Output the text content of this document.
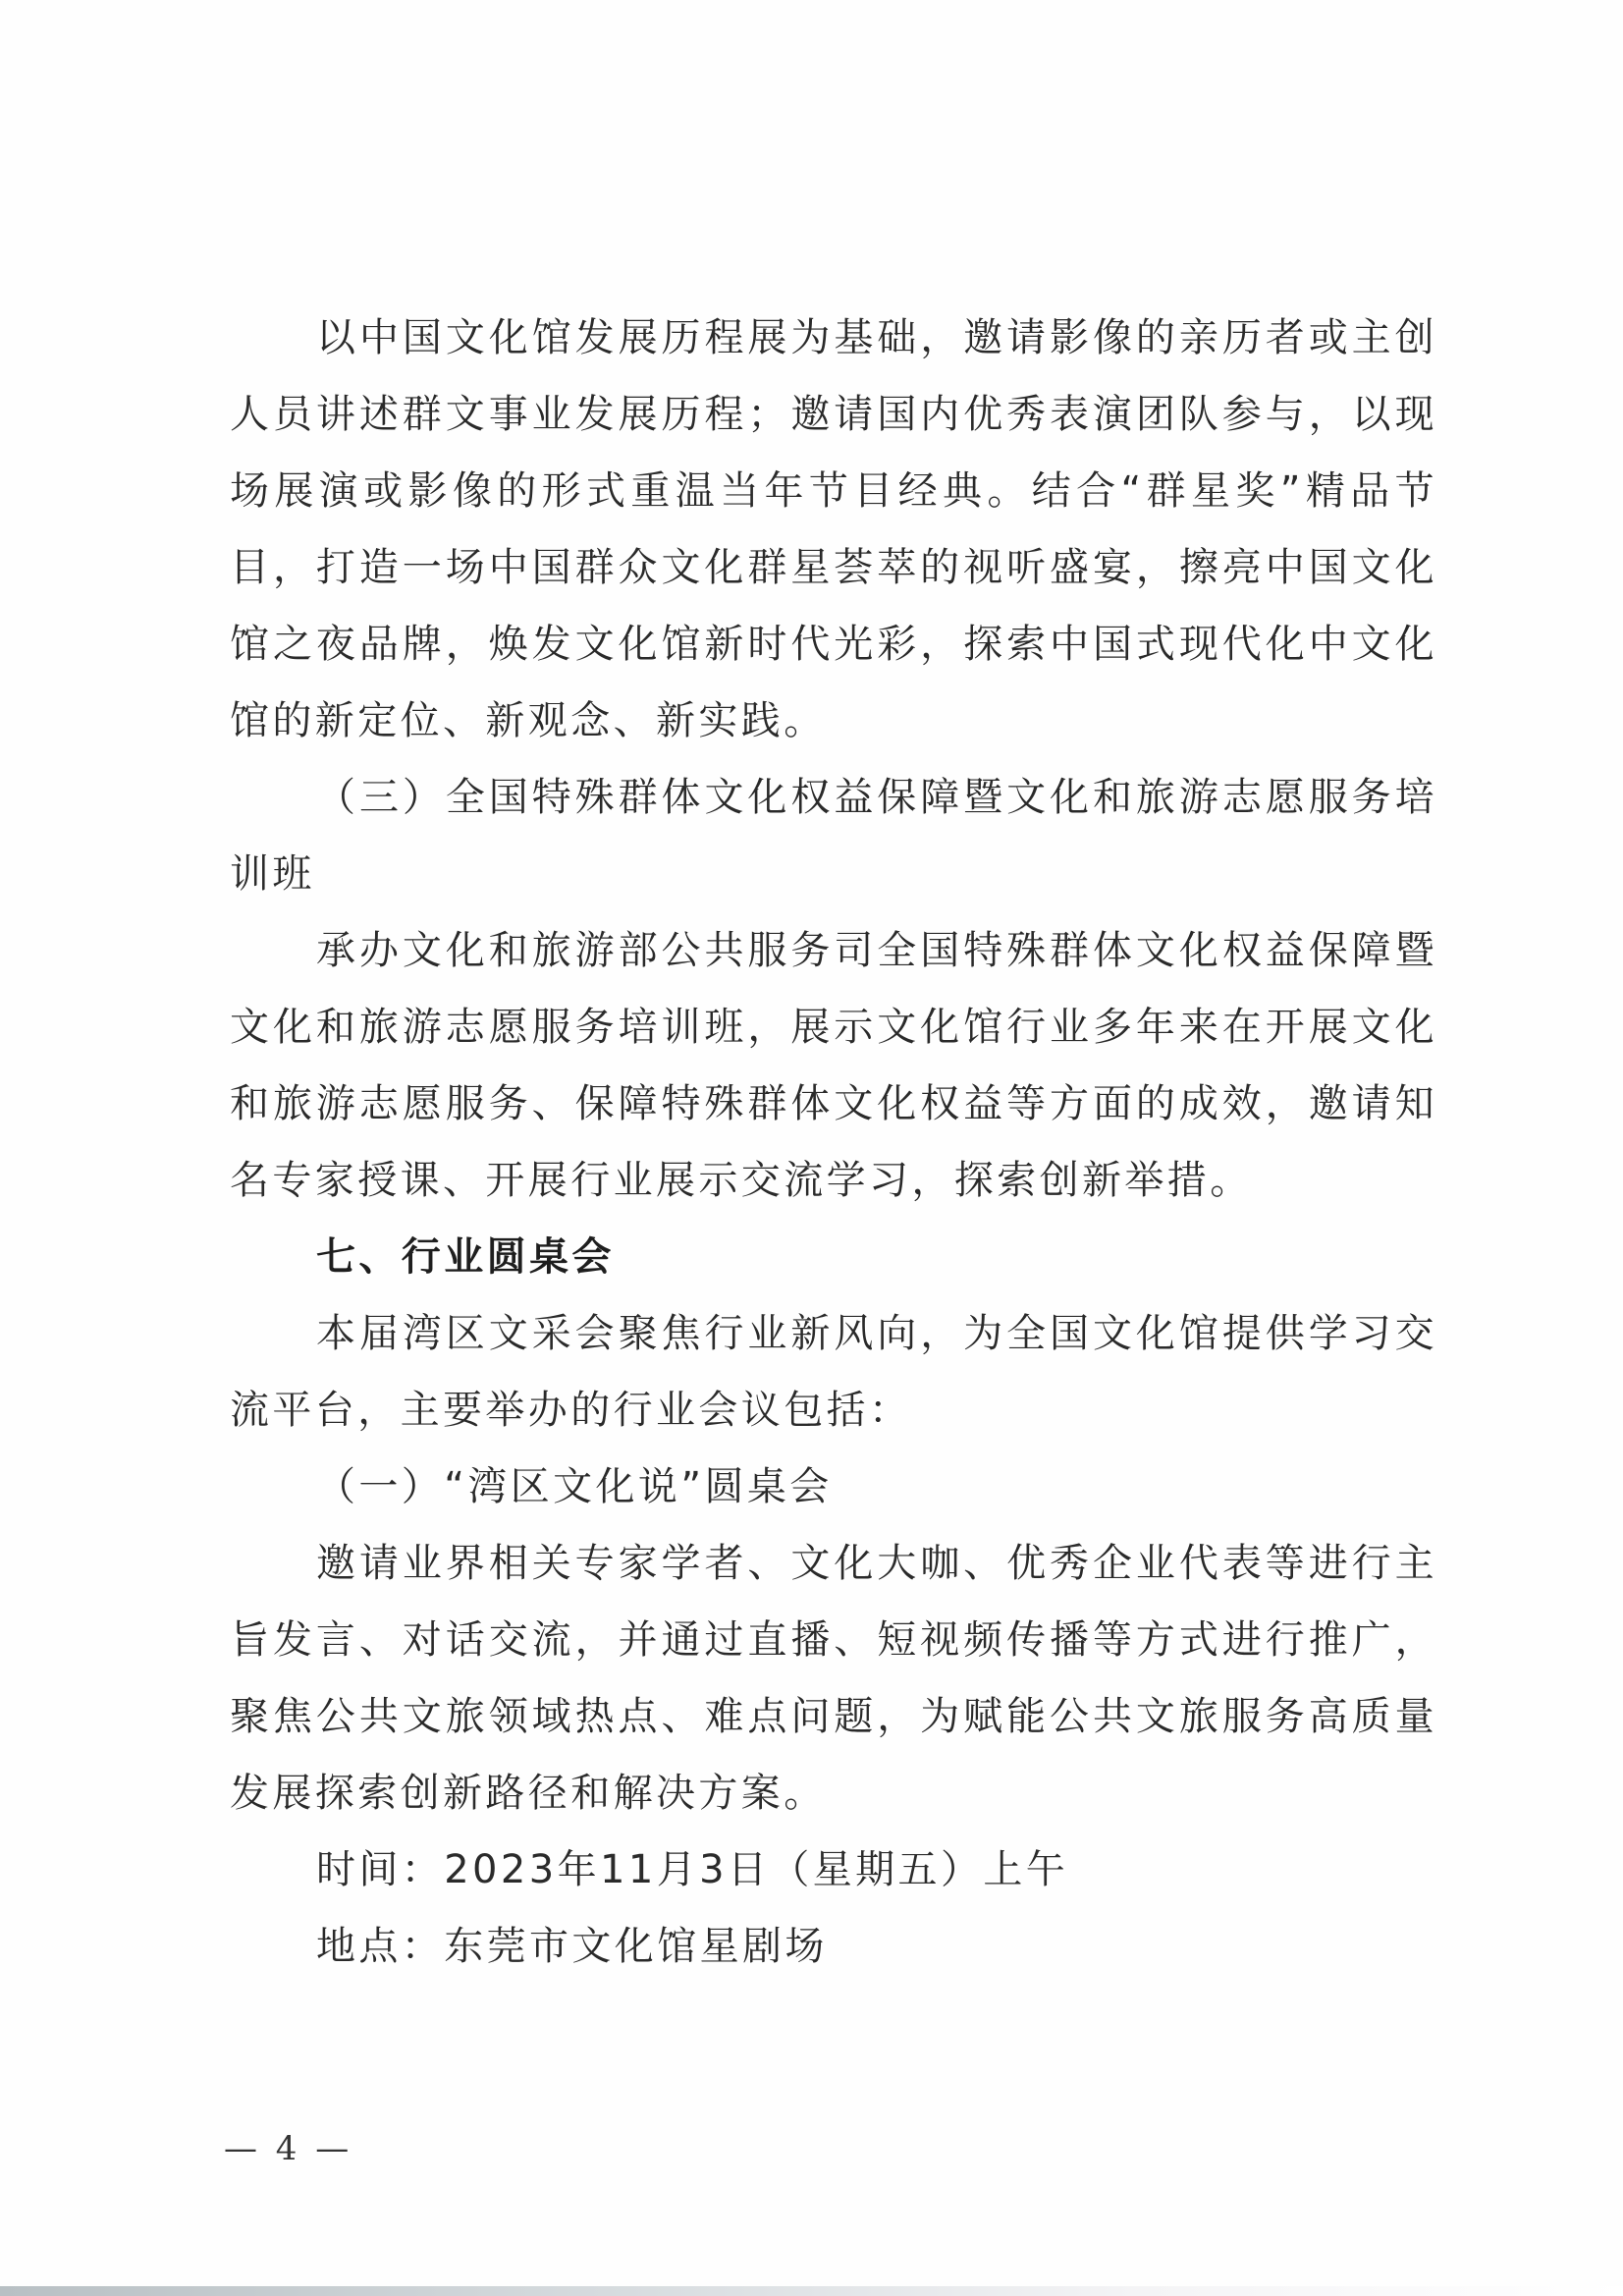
以中国文化馆发展历程展为基础，邀请影像的亲历者或主创人员讲述群文事业发展历程；邀请国内优秀表演团队参与，以现场展演或影像的形式重温当年节目经典。结合“群星奖”精品节目，打造一场中国群众文化群星荟萃的视听盛宴，擦亮中国文化馆之夜品牌，焕发文化馆新时代光彩，探索中国式现代化中文化馆的新定位、新观念、新实践。

（三）全国特殊群体文化权益保障暨文化和旅游志愿服务培训班

承办文化和旅游部公共服务司全国特殊群体文化权益保障暨文化和旅游志愿服务培训班，展示文化馆行业多年来在开展文化和旅游志愿服务、保障特殊群体文化权益等方面的成效，邀请知名专家授课、开展行业展示交流学习，探索创新举措。

七、行业圆桌会

本届湾区文采会聚焦行业新风向，为全国文化馆提供学习交流平台，主要举办的行业会议包括：

（一）“湾区文化说”圆桌会

邀请业界相关专家学者、文化大咖、优秀企业代表等进行主旨发言、对话交流，并通过直播、短视频传播等方式进行推广，聚焦公共文旅领域热点、难点问题，为赋能公共文旅服务高质量发展探索创新路径和解决方案。

时间：2023年11月3日（星期五）上午

地点：东莞市文化馆星剧场

— 4 —
